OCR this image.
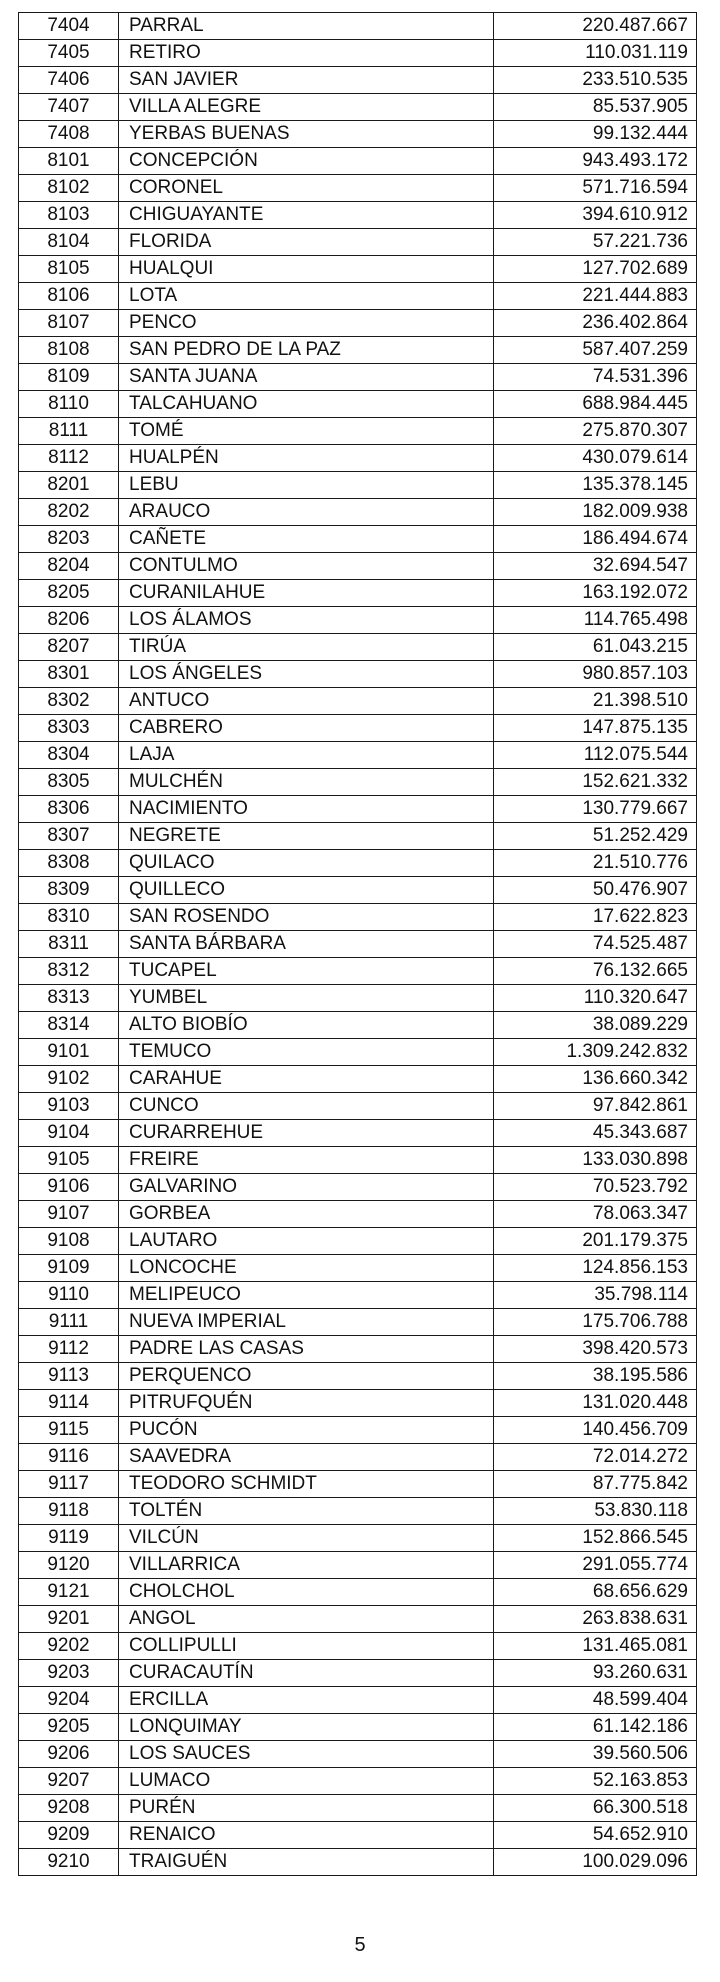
7404	PARRAL	220.487.667
7405	RETIRO	110.031.119
7406	SAN JAVIER	233.510.535
7407	VILLA ALEGRE	85.537.905
7408	YERBAS BUENAS	99.132.444
8101	CONCEPCIÓN	943.493.172
8102	CORONEL	571.716.594
8103	CHIGUAYANTE	394.610.912
8104	FLORIDA	57.221.736
8105	HUALQUI	127.702.689
8106	LOTA	221.444.883
8107	PENCO	236.402.864
8108	SAN PEDRO DE LA PAZ	587.407.259
8109	SANTA JUANA	74.531.396
8110	TALCAHUANO	688.984.445
8111	TOMÉ	275.870.307
8112	HUALPÉN	430.079.614
8201	LEBU	135.378.145
8202	ARAUCO	182.009.938
8203	CAÑETE	186.494.674
8204	CONTULMO	32.694.547
8205	CURANILAHUE	163.192.072
8206	LOS ÁLAMOS	114.765.498
8207	TIRÚA	61.043.215
8301	LOS ÁNGELES	980.857.103
8302	ANTUCO	21.398.510
8303	CABRERO	147.875.135
8304	LAJA	112.075.544
8305	MULCHÉN	152.621.332
8306	NACIMIENTO	130.779.667
8307	NEGRETE	51.252.429
8308	QUILACO	21.510.776
8309	QUILLECO	50.476.907
8310	SAN ROSENDO	17.622.823
8311	SANTA BÁRBARA	74.525.487
8312	TUCAPEL	76.132.665
8313	YUMBEL	110.320.647
8314	ALTO BIOBÍO	38.089.229
9101	TEMUCO	1.309.242.832
9102	CARAHUE	136.660.342
9103	CUNCO	97.842.861
9104	CURARREHUE	45.343.687
9105	FREIRE	133.030.898
9106	GALVARINO	70.523.792
9107	GORBEA	78.063.347
9108	LAUTARO	201.179.375
9109	LONCOCHE	124.856.153
9110	MELIPEUCO	35.798.114
9111	NUEVA IMPERIAL	175.706.788
9112	PADRE LAS CASAS	398.420.573
9113	PERQUENCO	38.195.586
9114	PITRUFQUÉN	131.020.448
9115	PUCÓN	140.456.709
9116	SAAVEDRA	72.014.272
9117	TEODORO SCHMIDT	87.775.842
9118	TOLTÉN	53.830.118
9119	VILCÚN	152.866.545
9120	VILLARRICA	291.055.774
9121	CHOLCHOL	68.656.629
9201	ANGOL	263.838.631
9202	COLLIPULLI	131.465.081
9203	CURACAUTÍN	93.260.631
9204	ERCILLA	48.599.404
9205	LONQUIMAY	61.142.186
9206	LOS SAUCES	39.560.506
9207	LUMACO	52.163.853
9208	PURÉN	66.300.518
9209	RENAICO	54.652.910
9210	TRAIGUÉN	100.029.096
5
